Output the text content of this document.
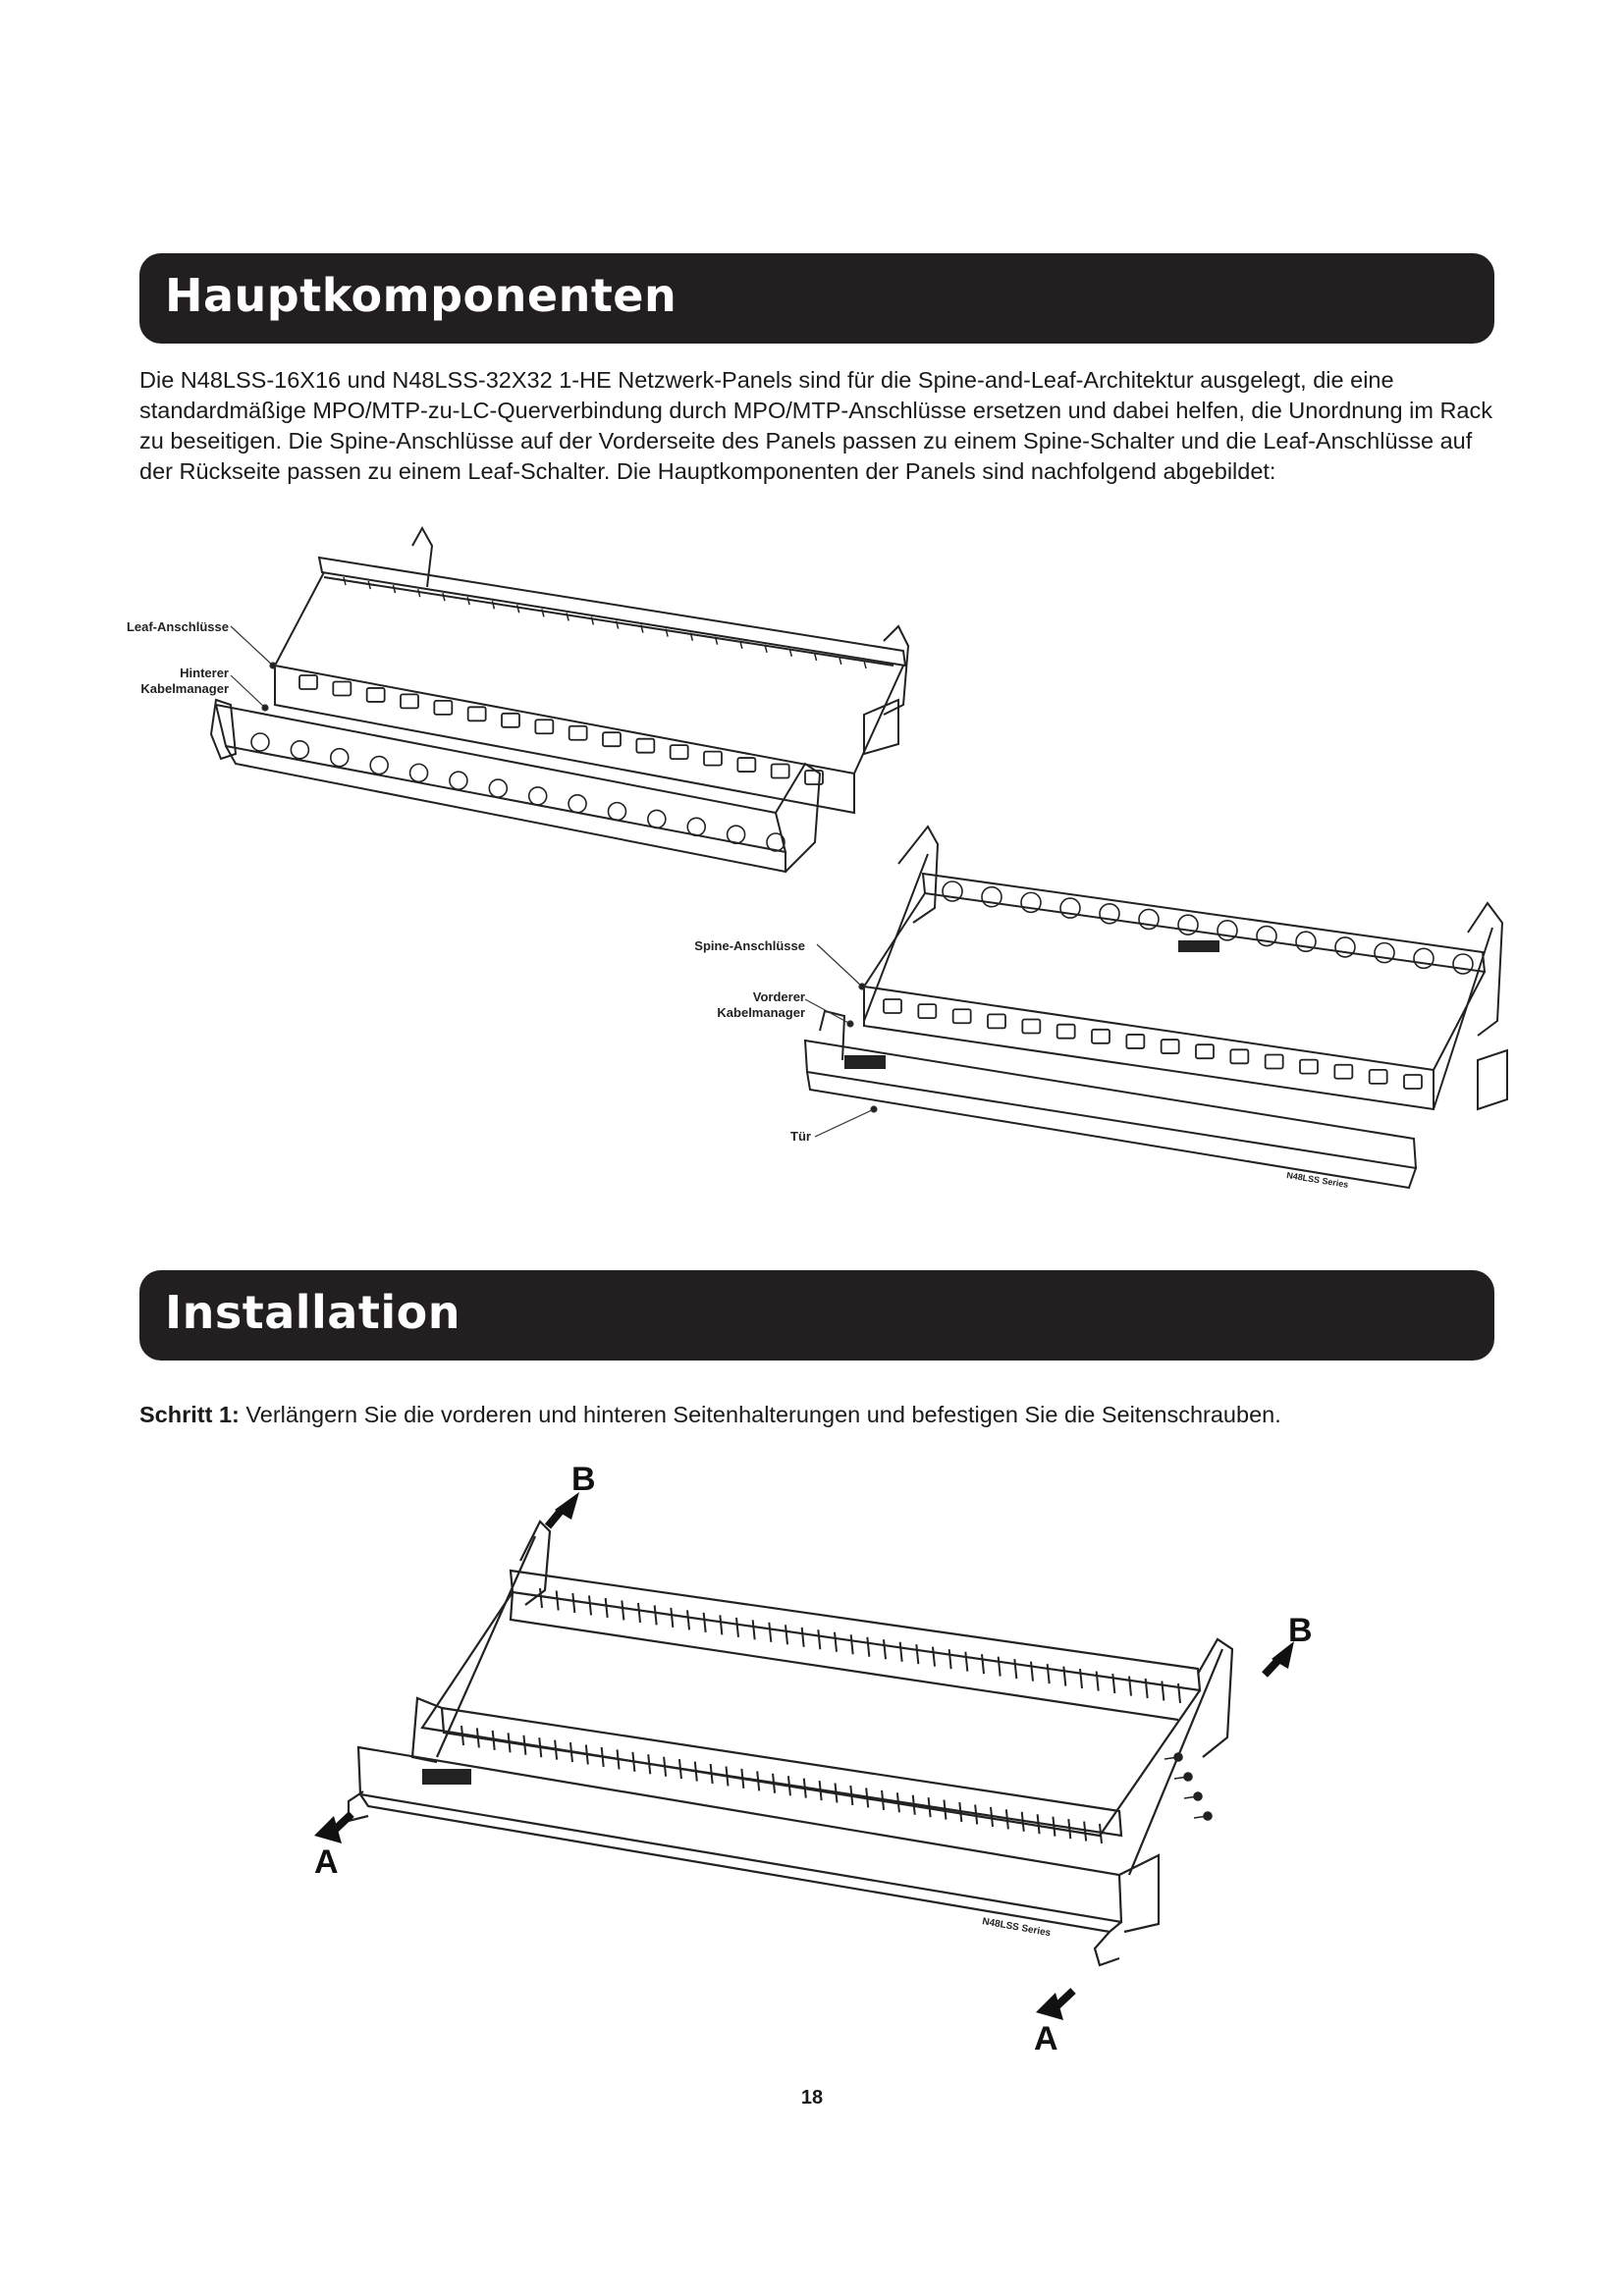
Hauptkomponenten

Die N48LSS-16X16 und N48LSS-32X32 1-HE Netzwerk-Panels sind für die Spine-and-Leaf-Architektur ausgelegt, die eine standardmäßige MPO/MTP-zu-LC-Querverbindung durch MPO/MTP-Anschlüsse ersetzen und dabei helfen, die Unordnung im Rack zu beseitigen. Die Spine-Anschlüsse auf der Vorderseite des Panels passen zu einem Spine-Schalter und die Leaf-Anschlüsse auf der Rückseite passen zu einem Leaf-Schalter. Die Hauptkomponenten der Panels sind nachfolgend abgebildet:

Leaf-Anschlüsse
Hinterer
Kabelmanager
N48LSS Series
Spine-Anschlüsse
Vorderer
Kabelmanager
Tür
Installation

Schritt 1: Verlängern Sie die vorderen und hinteren Seitenhalterungen und befestigen Sie die Seitenschrauben.

N48LSS Series
B
B
A
A
18
